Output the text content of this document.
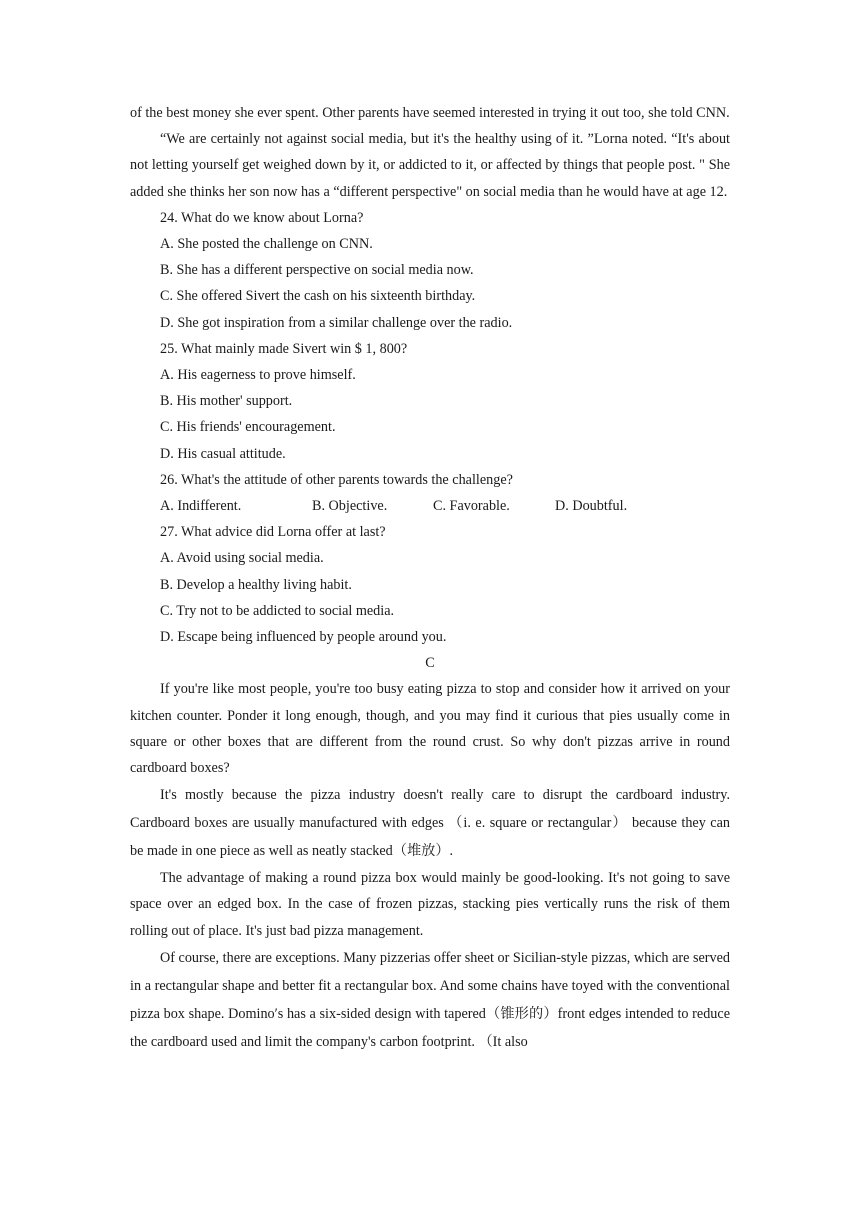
of the best money she ever spent. Other parents have seemed interested in trying it out too, she told CNN.

“We are certainly not against social media, but it's the healthy using of it. ”Lorna noted. “It's about not letting yourself get weighed down by it, or addicted to it, or affected by things that people post. " She added she thinks her son now has a “different perspective" on social media than he would have at age 12.

24. What do we know about Lorna?

A. She posted the challenge on CNN.

B. She has a different perspective on social media now.

C. She offered Sivert the cash on his sixteenth birthday.

D. She got inspiration from a similar challenge over the radio.

25. What mainly made Sivert win $ 1, 800?

A. His eagerness to prove himself.

B. His mother' support.

C. His friends' encouragement.

D. His casual attitude.

26. What's the attitude of other parents towards the challenge?

A. Indifferent.	B. Objective.	C. Favorable.	D. Doubtful.

27. What advice did Lorna offer at last?

A. Avoid using social media.

B. Develop a healthy living habit.

C. Try not to be addicted to social media.

D. Escape being influenced by people around you.

C

If you're like most people, you're too busy eating pizza to stop and consider how it arrived on your kitchen counter. Ponder it long enough, though, and you may find it curious that pies usually come in square or other boxes that are different from the round crust. So why don't pizzas arrive in round cardboard boxes?

It's mostly because the pizza industry doesn't really care to disrupt the cardboard industry. Cardboard boxes are usually manufactured with edges （i. e. square or rectangular） because they can be made in one piece as well as neatly stacked（堆放）.

The advantage of making a round pizza box would mainly be good-looking. It's not going to save space over an edged box. In the case of frozen pizzas, stacking pies vertically runs the risk of them rolling out of place. It's just bad pizza management.

Of course, there are exceptions. Many pizzerias offer sheet or Sicilian-style pizzas, which are served in a rectangular shape and better fit a rectangular box. And some chains have toyed with the conventional pizza box shape. Domino′s has a six-sided design with tapered（锥形的）front edges intended to reduce the cardboard used and limit the company's carbon footprint. （It also
